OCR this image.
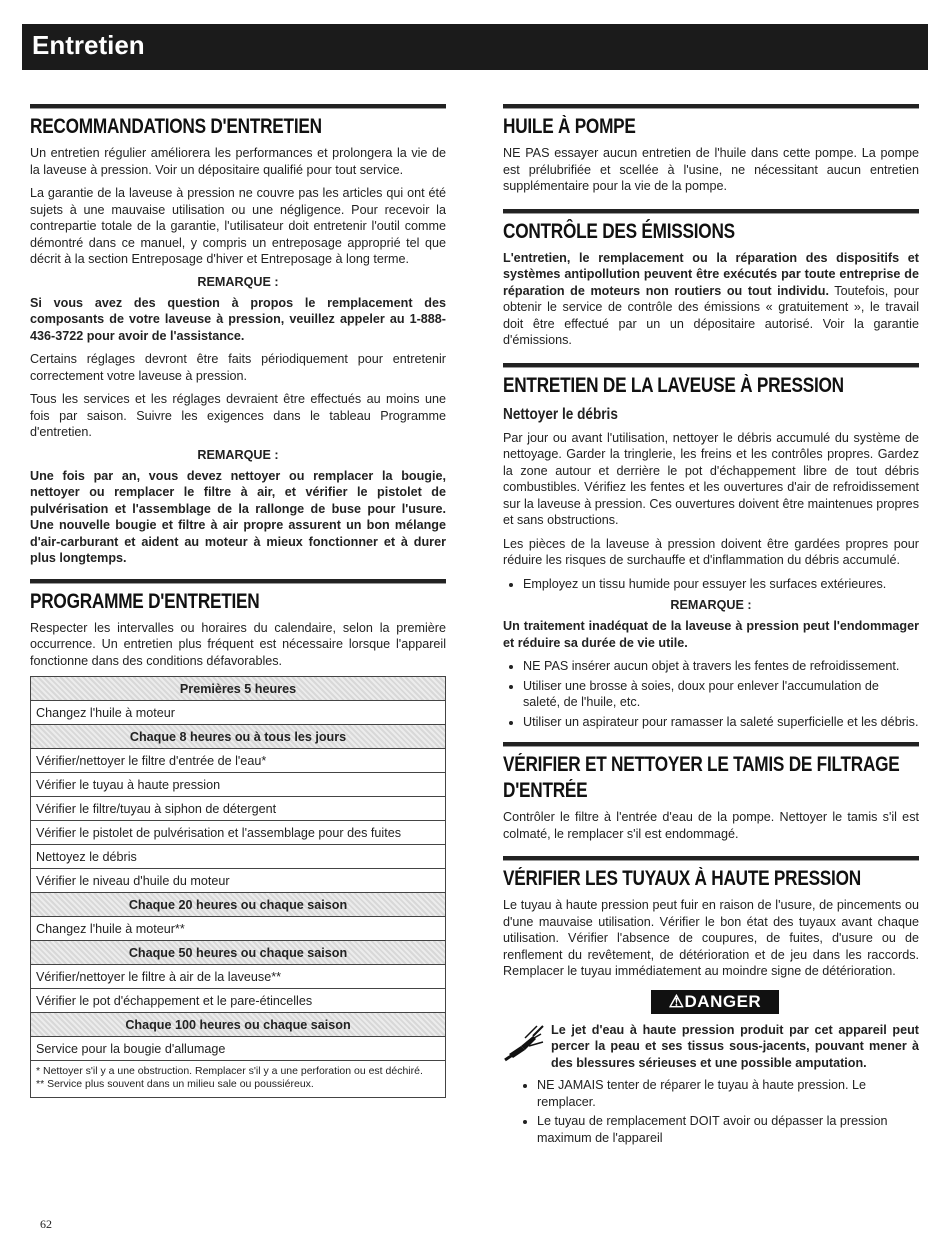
Entretien
RECOMMANDATIONS D'ENTRETIEN

Un entretien régulier améliorera les performances et prolongera la vie de la laveuse à pression. Voir un dépositaire qualifié pour tout service.

La garantie de la laveuse à pression ne couvre pas les articles qui ont été sujets à une mauvaise utilisation ou une négligence. Pour recevoir la contrepartie totale de la garantie, l'utilisateur doit entretenir l'outil comme démontré dans ce manuel, y compris un entreposage approprié tel que décrit à la section Entreposage d'hiver et Entreposage à long terme.

REMARQUE :

Si vous avez des question à propos le remplacement des composants de votre laveuse à pression, veuillez appeler au 1-888-436-3722 pour avoir de l'assistance.

Certains réglages devront être faits périodiquement pour entretenir correctement votre laveuse à pression.

Tous les services et les réglages devraient être effectués au moins une fois par saison. Suivre les exigences dans le tableau Programme d'entretien.

REMARQUE :

Une fois par an, vous devez nettoyer ou remplacer la bougie, nettoyer ou remplacer le filtre à air, et vérifier le pistolet de pulvérisation et l'assemblage de la rallonge de buse pour l'usure. Une nouvelle bougie et filtre à air propre assurent un bon mélange d'air-carburant et aident au moteur à mieux fonctionner et à durer plus longtemps.

PROGRAMME D'ENTRETIEN

Respecter les intervalles ou horaires du calendaire, selon la première occurrence. Un entretien plus fréquent est nécessaire lorsque l'appareil fonctionne dans des conditions défavorables.

Premières 5 heures
Changez l'huile à moteur
Chaque 8 heures ou à tous les jours
Vérifier/nettoyer le filtre d'entrée de l'eau*
Vérifier le tuyau à haute pression
Vérifier le filtre/tuyau à siphon de détergent
Vérifier le pistolet de pulvérisation et l'assemblage pour des fuites
Nettoyez le débris
Vérifier le niveau d'huile du moteur
Chaque 20 heures ou chaque saison
Changez l'huile à moteur**
Chaque 50 heures ou chaque saison
Vérifier/nettoyer le filtre à air de la laveuse**
Vérifier le pot d'échappement et le pare-étincelles
Chaque 100 heures ou chaque saison
Service pour la bougie d'allumage

* Nettoyer s'il y a une obstruction. Remplacer s'il y a une perforation ou est déchiré.
** Service plus souvent dans un milieu sale ou poussiéreux.
HUILE À POMPE

NE PAS essayer aucun entretien de l'huile dans cette pompe. La pompe est prélubrifiée et scellée à l'usine, ne nécessitant aucun entretien supplémentaire pour la vie de la pompe.

CONTRÔLE DES ÉMISSIONS

L'entretien, le remplacement ou la réparation des dispositifs et systèmes antipollution peuvent être exécutés par toute entreprise de réparation de moteurs non routiers ou tout individu. Toutefois, pour obtenir le service de contrôle des émissions « gratuitement », le travail doit être effectué par un un dépositaire autorisé. Voir la garantie d'émissions.

ENTRETIEN DE LA LAVEUSE À PRESSION
Nettoyer le débris

Par jour ou avant l'utilisation, nettoyer le débris accumulé du système de nettoyage. Garder la tringlerie, les freins et les contrôles propres. Gardez la zone autour et derrière le pot d'échappement libre de tout débris combustibles. Vérifiez les fentes et les ouvertures d'air de refroidissement sur la laveuse à pression. Ces ouvertures doivent être maintenues propres et sans obstructions.

Les pièces de la laveuse à pression doivent être gardées propres pour réduire les risques de surchauffe et d'inflammation du débris accumulé.

• Employez un tissu humide pour essuyer les surfaces extérieures.
REMARQUE :

Un traitement inadéquat de la laveuse à pression peut l'endommager et réduire sa durée de vie utile.

• NE PAS insérer aucun objet à travers les fentes de refroidissement.
• Utiliser une brosse à soies, doux pour enlever l'accumulation de saleté, de l'huile, etc.
• Utiliser un aspirateur pour ramasser la saleté superficielle et les débris.
VÉRIFIER ET NETTOYER LE TAMIS DE FILTRAGE
D'ENTRÉE

Contrôler le filtre à l'entrée d'eau de la pompe. Nettoyer le tamis s'il est colmaté, le remplacer s'il est endommagé.

VÉRIFIER LES TUYAUX À HAUTE PRESSION

Le tuyau à haute pression peut fuir en raison de l'usure, de pincements ou d'une mauvaise utilisation. Vérifier le bon état des tuyaux avant chaque utilisation. Vérifier l'absence de coupures, de fuites, d'usure ou de renflement du revêtement, de détérioration et de jeu dans les raccords. Remplacer le tuyau immédiatement au moindre signe de détérioration.

⚠DANGER

Le jet d'eau à haute pression produit par cet appareil peut percer la peau et ses tissus sous-jacents, pouvant mener à des blessures sérieuses et une possible amputation.

• NE JAMAIS tenter de réparer le tuyau à haute pression. Le remplacer.
• Le tuyau de remplacement DOIT avoir ou dépasser la pression maximum de l'appareil
62
